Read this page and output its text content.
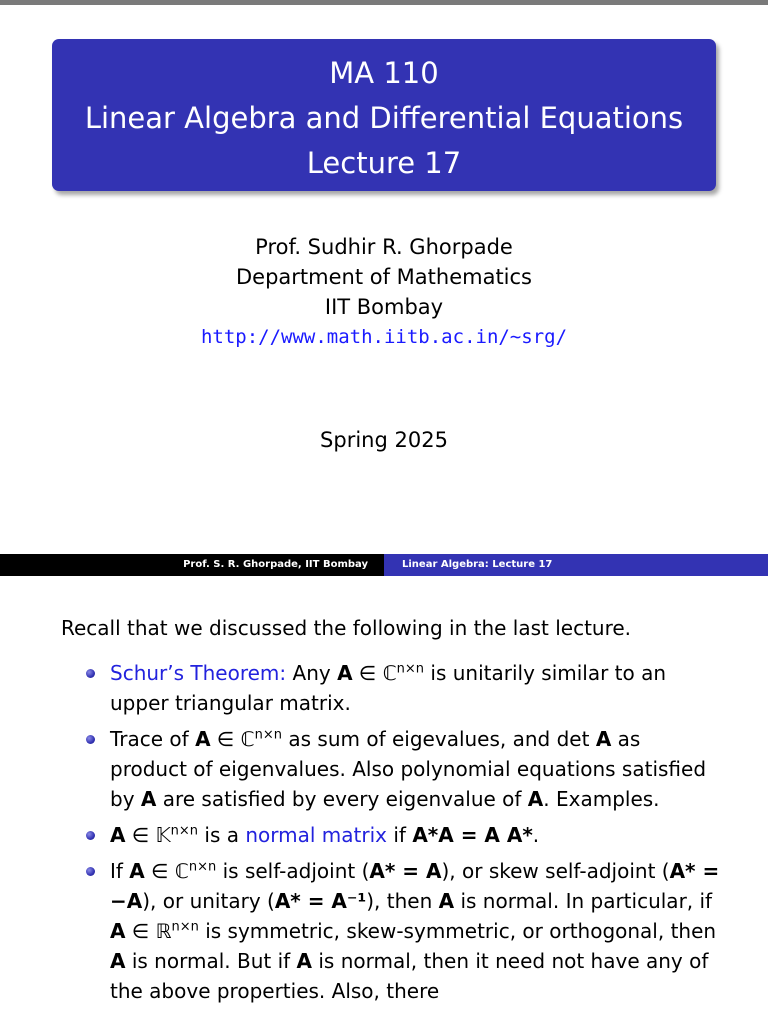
MA 110
Linear Algebra and Differential Equations
Lecture 17
Prof. Sudhir R. Ghorpade
Department of Mathematics
IIT Bombay
http://www.math.iitb.ac.in/∼srg/
Spring 2025
Prof. S. R. Ghorpade, IIT Bombay	Linear Algebra: Lecture 17
Recall that we discussed the following in the last lecture.
Schur’s Theorem: Any A ∈ ℂ$^{n\times n}$ is unitarily similar to an upper triangular matrix.
Trace of A ∈ ℂ$^{n\times n}$ as sum of eigevalues, and det A as product of eigenvalues. Also polynomial equations satisfied by A are satisfied by every eigenvalue of A. Examples.
A ∈ 𝕂$^{n\times n}$ is a normal matrix if A*A = A A*.
If A ∈ ℂ$^{n\times n}$ is self-adjoint (A* = A), or skew self-adjoint (A* = −A), or unitary (A* = A⁻¹), then A is normal. In particular, if A ∈ ℝ$^{n\times n}$ is symmetric, skew-symmetric, or orthogonal, then A is normal. But if A is normal, then it need not have any of the above properties. Also, there
